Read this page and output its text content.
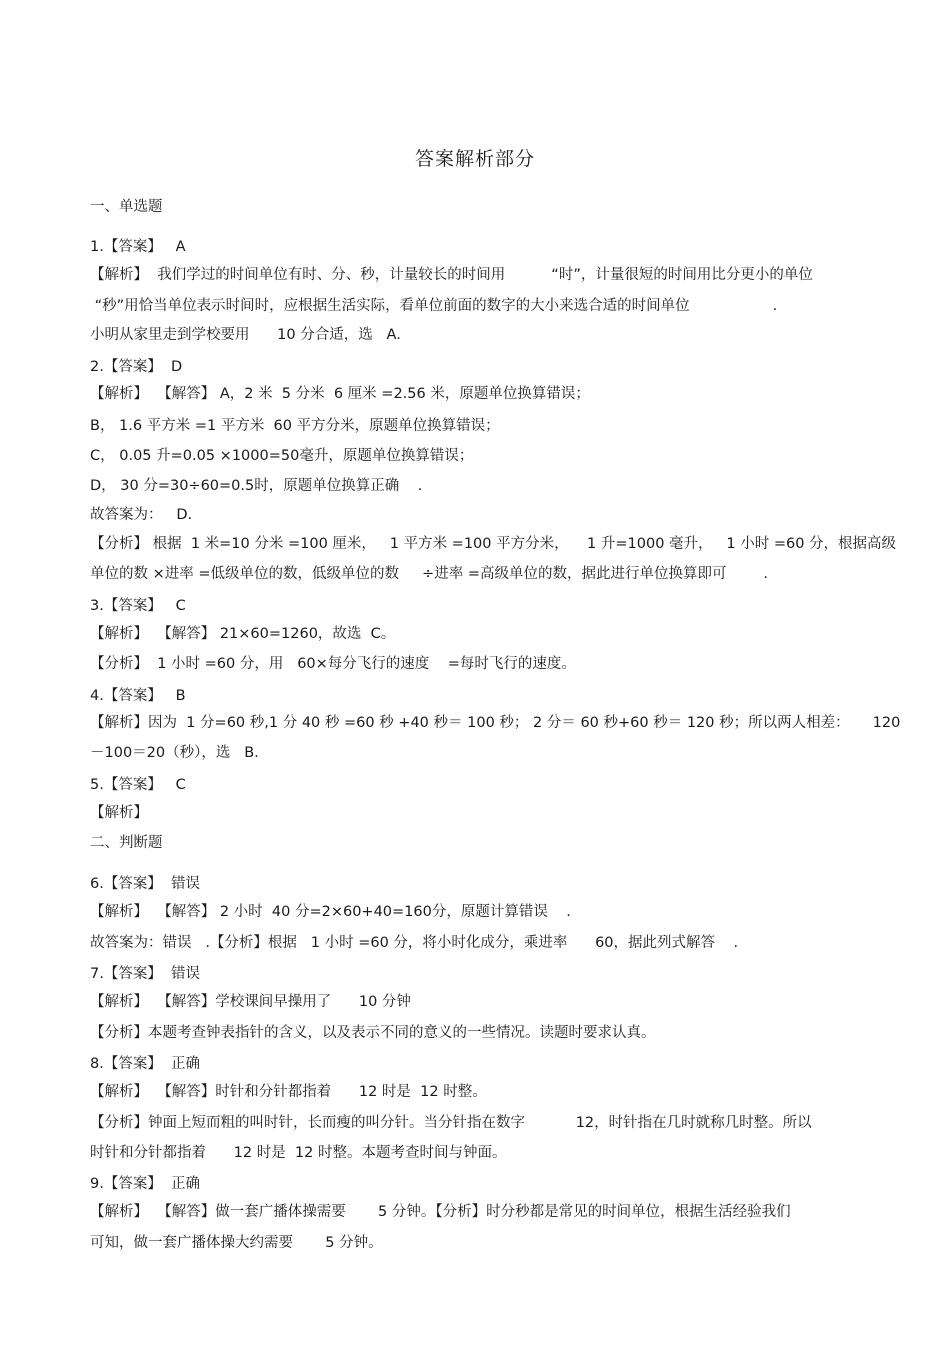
答案解析部分
一、单选题
1.【答案】   A
【解析】  我们学过的时间单位有时、分、秒，计量较长的时间用          “时”，计量很短的时间用比分更小的单位
“秒”用恰当单位表示时间时，应根据生活实际，看单位前面的数字的大小来选合适的时间单位                  .
小明从家里走到学校要用      10 分合适，选   A.
2.【答案】  D
【解析】  【解答】 A，2 米  5 分米  6 厘米 =2.56 米，原题单位换算错误；
B， 1.6 平方米 =1 平方米  60 平方分米，原题单位换算错误；
C， 0.05 升=0.05 ×1000=50毫升，原题单位换算错误；
D， 30 分=30÷60=0.5时，原题单位换算正确    .
故答案为：   D.
【分析】 根据  1 米=10 分米 =100 厘米，   1 平方米 =100 平方分米，    1 升=1000 毫升，   1 小时 =60 分，根据高级
单位的数 ×进率 =低级单位的数，低级单位的数     ÷进率 =高级单位的数，据此进行单位换算即可        .
3.【答案】   C
【解析】  【解答】 21×60=1260，故选  C。
【分析】  1 小时 =60 分，用   60×每分飞行的速度    =每时飞行的速度。
4.【答案】   B
【解析】因为  1 分=60 秒,1 分 40 秒 =60 秒 +40 秒＝ 100 秒； 2 分＝ 60 秒+60 秒＝ 120 秒；所以两人相差：     120
－100＝20（秒），选   B.
5.【答案】   C
【解析】
二、判断题
6.【答案】  错误
【解析】  【解答】 2 小时  40 分=2×60+40=160分，原题计算错误    .
故答案为：错误   .【分析】根据   1 小时 =60 分，将小时化成分，乘进率      60，据此列式解答    .
7.【答案】  错误
【解析】  【解答】学校课间早操用了      10 分钟
【分析】本题考查钟表指针的含义，以及表示不同的意义的一些情况。读题时要求认真。
8.【答案】  正确
【解析】  【解答】时针和分针都指着      12 时是  12 时整。
【分析】钟面上短而粗的叫时针，长而瘦的叫分针。当分针指在数字           12，时针指在几时就称几时整。所以
时针和分针都指着      12 时是  12 时整。本题考查时间与钟面。
9.【答案】  正确
【解析】  【解答】做一套广播体操需要       5 分钟。【分析】时分秒都是常见的时间单位，根据生活经验我们
可知，做一套广播体操大约需要       5 分钟。
